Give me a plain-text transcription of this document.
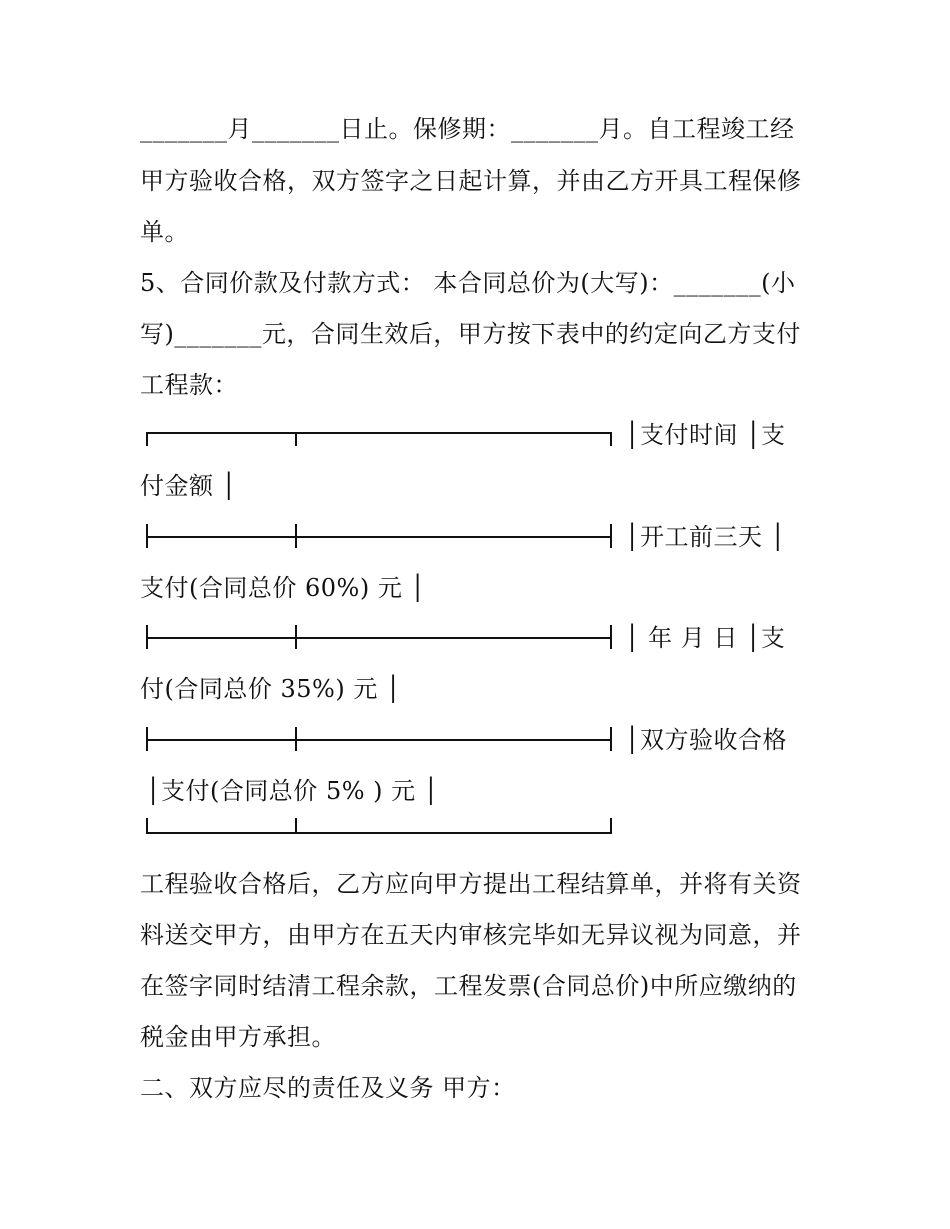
_______月_______日止。保修期：_______月。自工程竣工经
甲方验收合格，双方签字之日起计算，并由乙方开具工程保修
单。
5、合同价款及付款方式： 本合同总价为(大写)：_______(小
写)_______元，合同生效后，甲方按下表中的约定向乙方支付
工程款：
│支付时间 │支
付金额 │
│开工前三天 │
支付(合同总价 60%) 元 │
│ 年 月 日 │支
付(合同总价 35%) 元 │
│双方验收合格
│支付(合同总价 5% ) 元 │
工程验收合格后，乙方应向甲方提出工程结算单，并将有关资
料送交甲方，由甲方在五天内审核完毕如无异议视为同意，并
在签字同时结清工程余款，工程发票(合同总价)中所应缴纳的
税金由甲方承担。
二、双方应尽的责任及义务 甲方：
